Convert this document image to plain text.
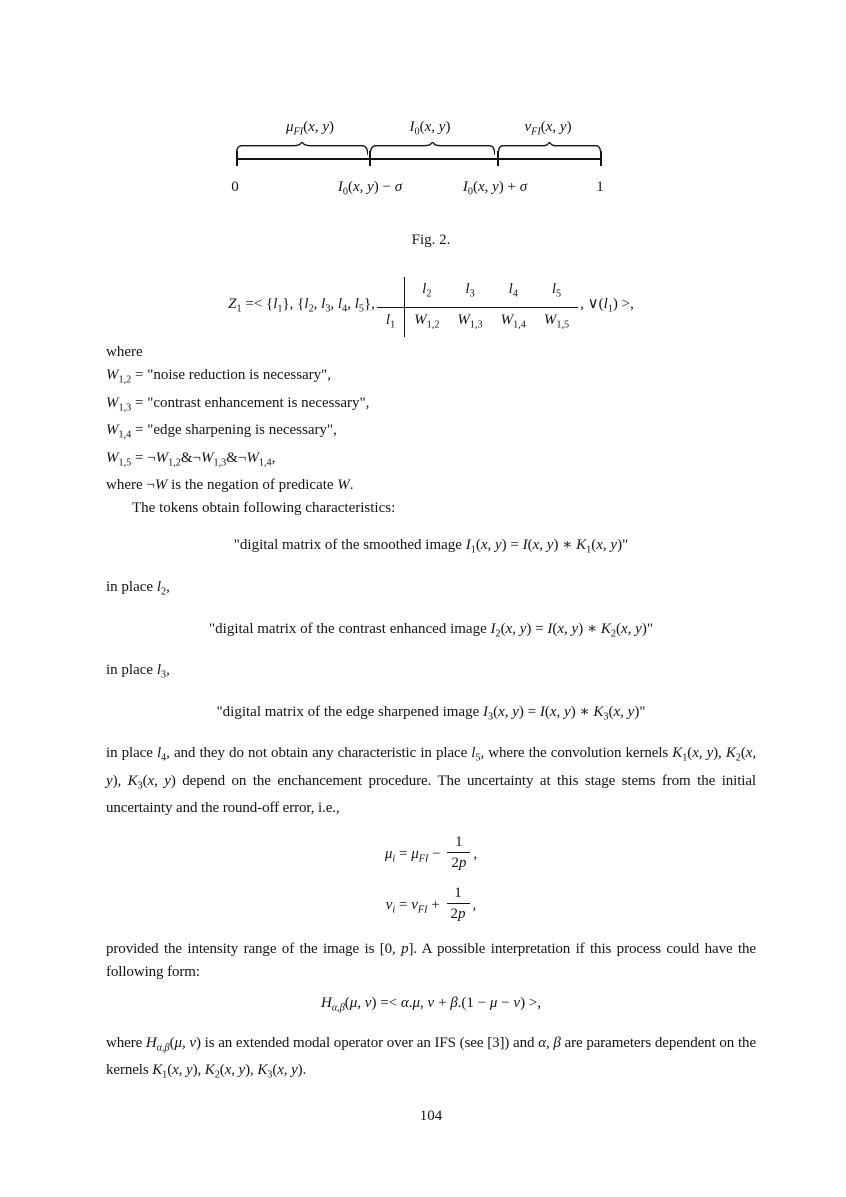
$\mu_{FI}(x$, y)	$I_0(x$, y)	$\nu_{FI}(x$, y)
0	$I_0(x$, y) − σ	$I_0(x$, y) + σ	1
Fig. 2.
$Z_1 =< \{l_1\}$, {$l_2$, $l_3$, $l_4$, $l_5$},
	$l_2$	$l_3$	$l_4$	$l_5$
$l_1$	$W_{1,2}$	$W_{1,3}$	$W_{1,4}$	$W_{1,5}$
, $\vee(l_1)$ >,
where
$W_{1,2}$ = "noise reduction is necessary",
$W_{1,3}$ = "contrast enhancement is necessary",
$W_{1,4}$ = "edge sharpening is necessary",
$W_{1,5}$ = $\neg W_{1,2}\&\neg W_{1,3}\&\neg W_{1,4}$,
where ¬W is the negation of predicate W.
The tokens obtain following characteristics:
"digital matrix of the smoothed image $I_1(x$, y) = I(x, y) ∗ $K_1(x$, y)"
in place $l_2$,
"digital matrix of the contrast enhanced image $I_2(x$, y) = I(x, y) ∗ $K_2(x$, y)"
in place $l_3$,
"digital matrix of the edge sharpened image $I_3(x$, y) = I(x, y) ∗ $K_3(x$, y)"
in place $l_4$, and they do not obtain any characteristic in place $l_5$, where the convolution kernels $K_1(x$, y), $K_2(x$, y), $K_3(x$, y) depend on the enchancement procedure. The uncertainty at this stage stems from the initial uncertainty and the round-off error, i.e.,
$\mu_i = \mu_{FI} - \frac{1}{2p}$ ,
$\nu_i = \nu_{FI} + \frac{1}{2p}$ ,
provided the intensity range of the image is [0, p]. A possible interpretation if this process could have the following form:
$H_{\alpha,\beta}(\mu$, ν) =< α.μ, ν + β.(1 − μ − ν) >,
where $H_{\alpha,\beta}(\mu$, ν) is an extended modal operator over an IFS (see [3]) and α, β are parameters dependent on the kernels $K_1(x$, y), $K_2(x$, y), $K_3(x$, y).
104
